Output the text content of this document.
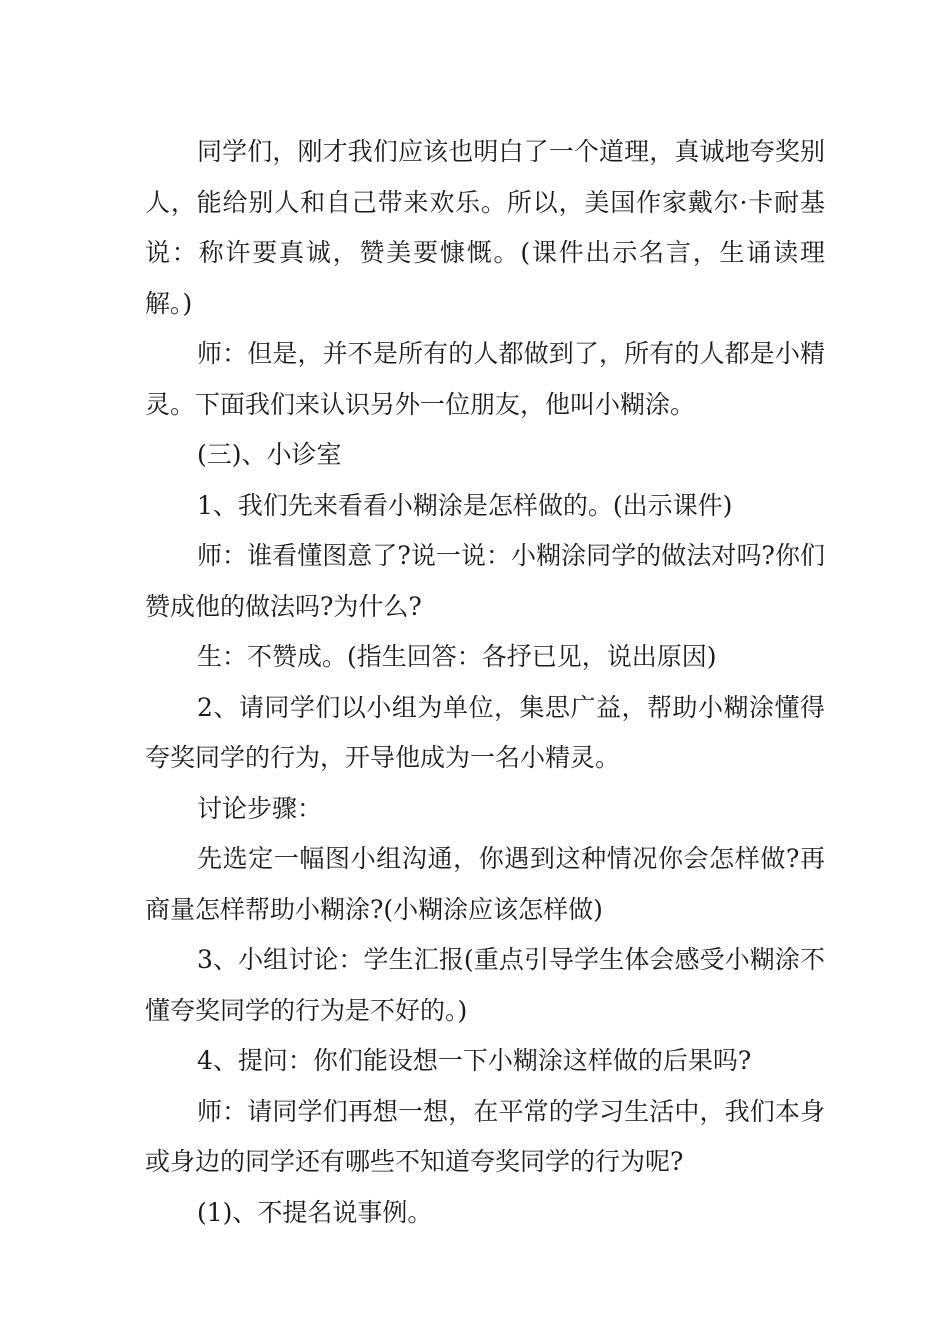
同学们，刚才我们应该也明白了一个道理，真诚地夸奖别人，能给别人和自己带来欢乐。所以，美国作家戴尔·卡耐基说：称许要真诚，赞美要慷慨。(课件出示名言，生诵读理解。)

师：但是，并不是所有的人都做到了，所有的人都是小精灵。下面我们来认识另外一位朋友，他叫小糊涂。

(三)、小诊室

1、我们先来看看小糊涂是怎样做的。(出示课件)

师：谁看懂图意了?说一说：小糊涂同学的做法对吗?你们赞成他的做法吗?为什么?

生：不赞成。(指生回答：各抒已见，说出原因)

2、请同学们以小组为单位，集思广益，帮助小糊涂懂得夸奖同学的行为，开导他成为一名小精灵。

讨论步骤：

先选定一幅图小组沟通，你遇到这种情况你会怎样做?再商量怎样帮助小糊涂?(小糊涂应该怎样做)

3、小组讨论：学生汇报(重点引导学生体会感受小糊涂不懂夸奖同学的行为是不好的。)

4、提问：你们能设想一下小糊涂这样做的后果吗?

师：请同学们再想一想，在平常的学习生活中，我们本身或身边的同学还有哪些不知道夸奖同学的行为呢?

(1)、不提名说事例。
